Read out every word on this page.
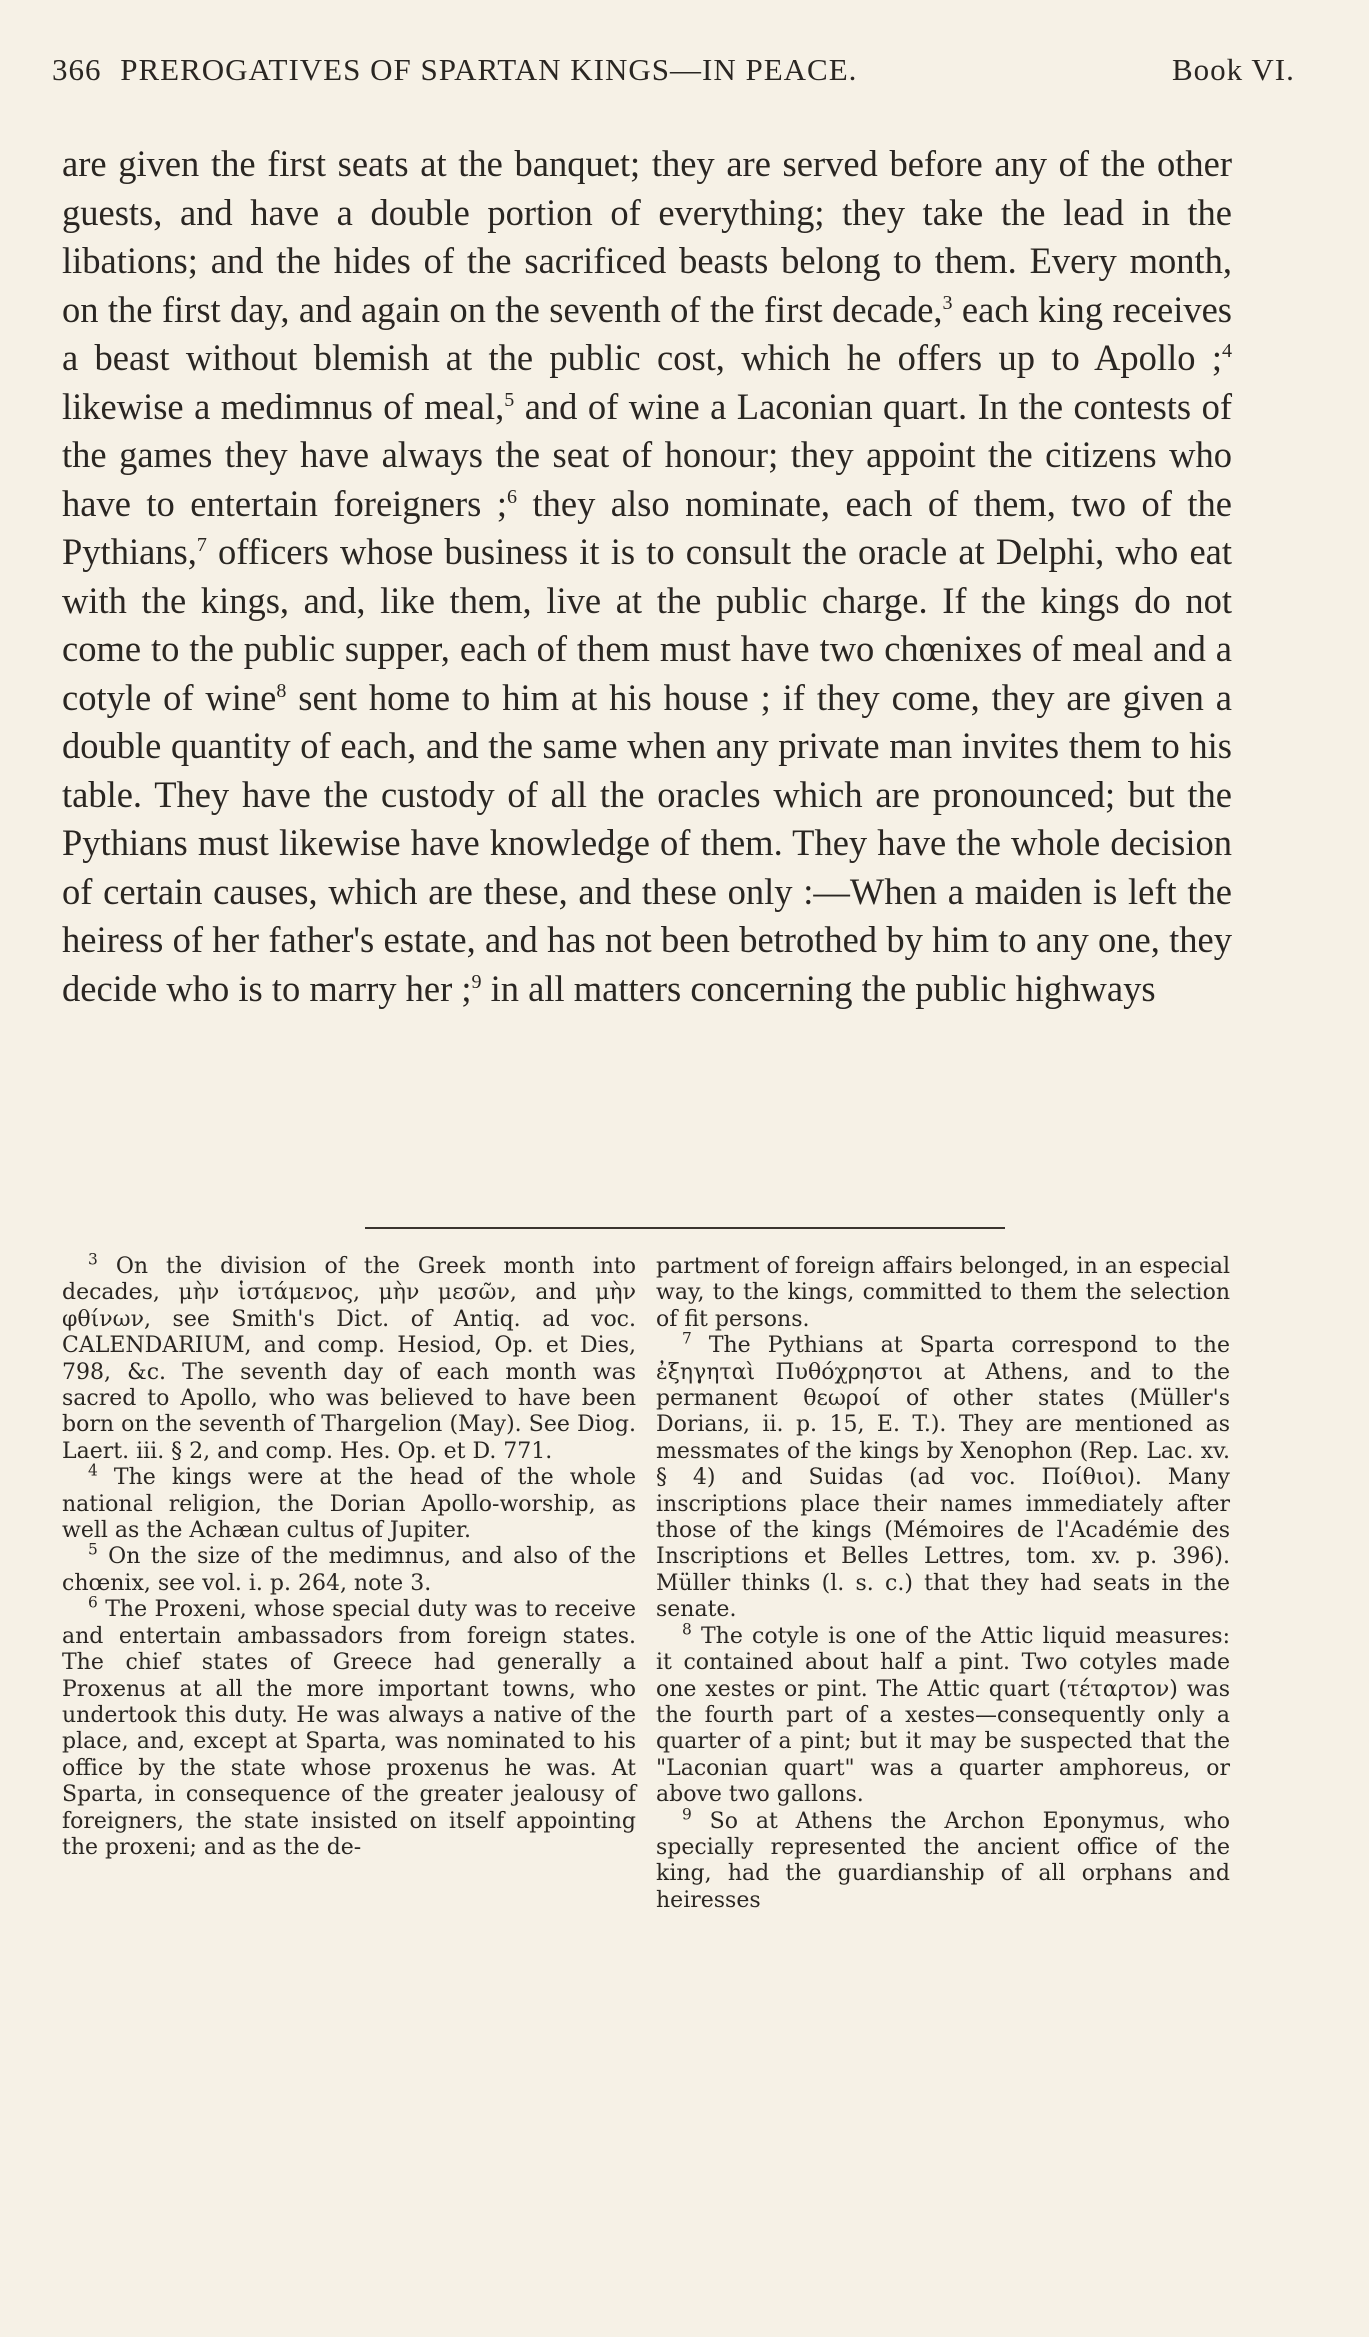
366 PREROGATIVES OF SPARTAN KINGS—IN PEACE.	Book VI.

are given the first seats at the banquet; they are served before any of the other guests, and have a double portion of everything; they take the lead in the libations; and the hides of the sacrificed beasts belong to them. Every month, on the first day, and again on the seventh of the first decade,$^3$ each king receives a beast without blemish at the public cost, which he offers up to Apollo ;$^4$ likewise a medimnus of meal,$^5$ and of wine a Laconian quart. In the contests of the games they have always the seat of honour; they appoint the citizens who have to entertain foreigners ;$^6$ they also nominate, each of them, two of the Pythians,$^7$ officers whose business it is to consult the oracle at Delphi, who eat with the kings, and, like them, live at the public charge. If the kings do not come to the public supper, each of them must have two chœnixes of meal and a cotyle of wine$^8$ sent home to him at his house ; if they come, they are given a double quantity of each, and the same when any private man invites them to his table. They have the custody of all the oracles which are pronounced; but the Pythians must likewise have knowledge of them. They have the whole decision of certain causes, which are these, and these only :—When a maiden is left the heiress of her father's estate, and has not been betrothed by him to any one, they decide who is to marry her ;$^9$ in all matters concerning the public highways

$^3$ On the division of the Greek month into decades, μὴν ἱστάμενος, μὴν μεσῶν, and μὴν φθίνων, see Smith's Dict. of Antiq. ad voc. CALENDARIUM, and comp. Hesiod, Op. et Dies, 798, &c. The seventh day of each month was sacred to Apollo, who was believed to have been born on the seventh of Thargelion (May). See Diog. Laert. iii. § 2, and comp. Hes. Op. et D. 771.

$^4$ The kings were at the head of the whole national religion, the Dorian Apollo-worship, as well as the Achæan cultus of Jupiter.

$^5$ On the size of the medimnus, and also of the chœnix, see vol. i. p. 264, note 3.

$^6$ The Proxeni, whose special duty was to receive and entertain ambassadors from foreign states. The chief states of Greece had generally a Proxenus at all the more important towns, who undertook this duty. He was always a native of the place, and, except at Sparta, was nominated to his office by the state whose proxenus he was. At Sparta, in consequence of the greater jealousy of foreigners, the state insisted on itself appointing the proxeni; and as the de-

partment of foreign affairs belonged, in an especial way, to the kings, committed to them the selection of fit persons.

$^7$ The Pythians at Sparta correspond to the ἐξηγηταὶ Πυθόχρηστοι at Athens, and to the permanent θεωροί of other states (Müller's Dorians, ii. p. 15, E. T.). They are mentioned as messmates of the kings by Xenophon (Rep. Lac. xv. § 4) and Suidas (ad voc. Ποίθιοι). Many inscriptions place their names immediately after those of the kings (Mémoires de l'Académie des Inscriptions et Belles Lettres, tom. xv. p. 396). Müller thinks (l. s. c.) that they had seats in the senate.

$^8$ The cotyle is one of the Attic liquid measures: it contained about half a pint. Two cotyles made one xestes or pint. The Attic quart (τέταρτον) was the fourth part of a xestes—consequently only a quarter of a pint; but it may be suspected that the "Laconian quart" was a quarter amphoreus, or above two gallons.

$^9$ So at Athens the Archon Eponymus, who specially represented the ancient office of the king, had the guardianship of all orphans and heiresses
